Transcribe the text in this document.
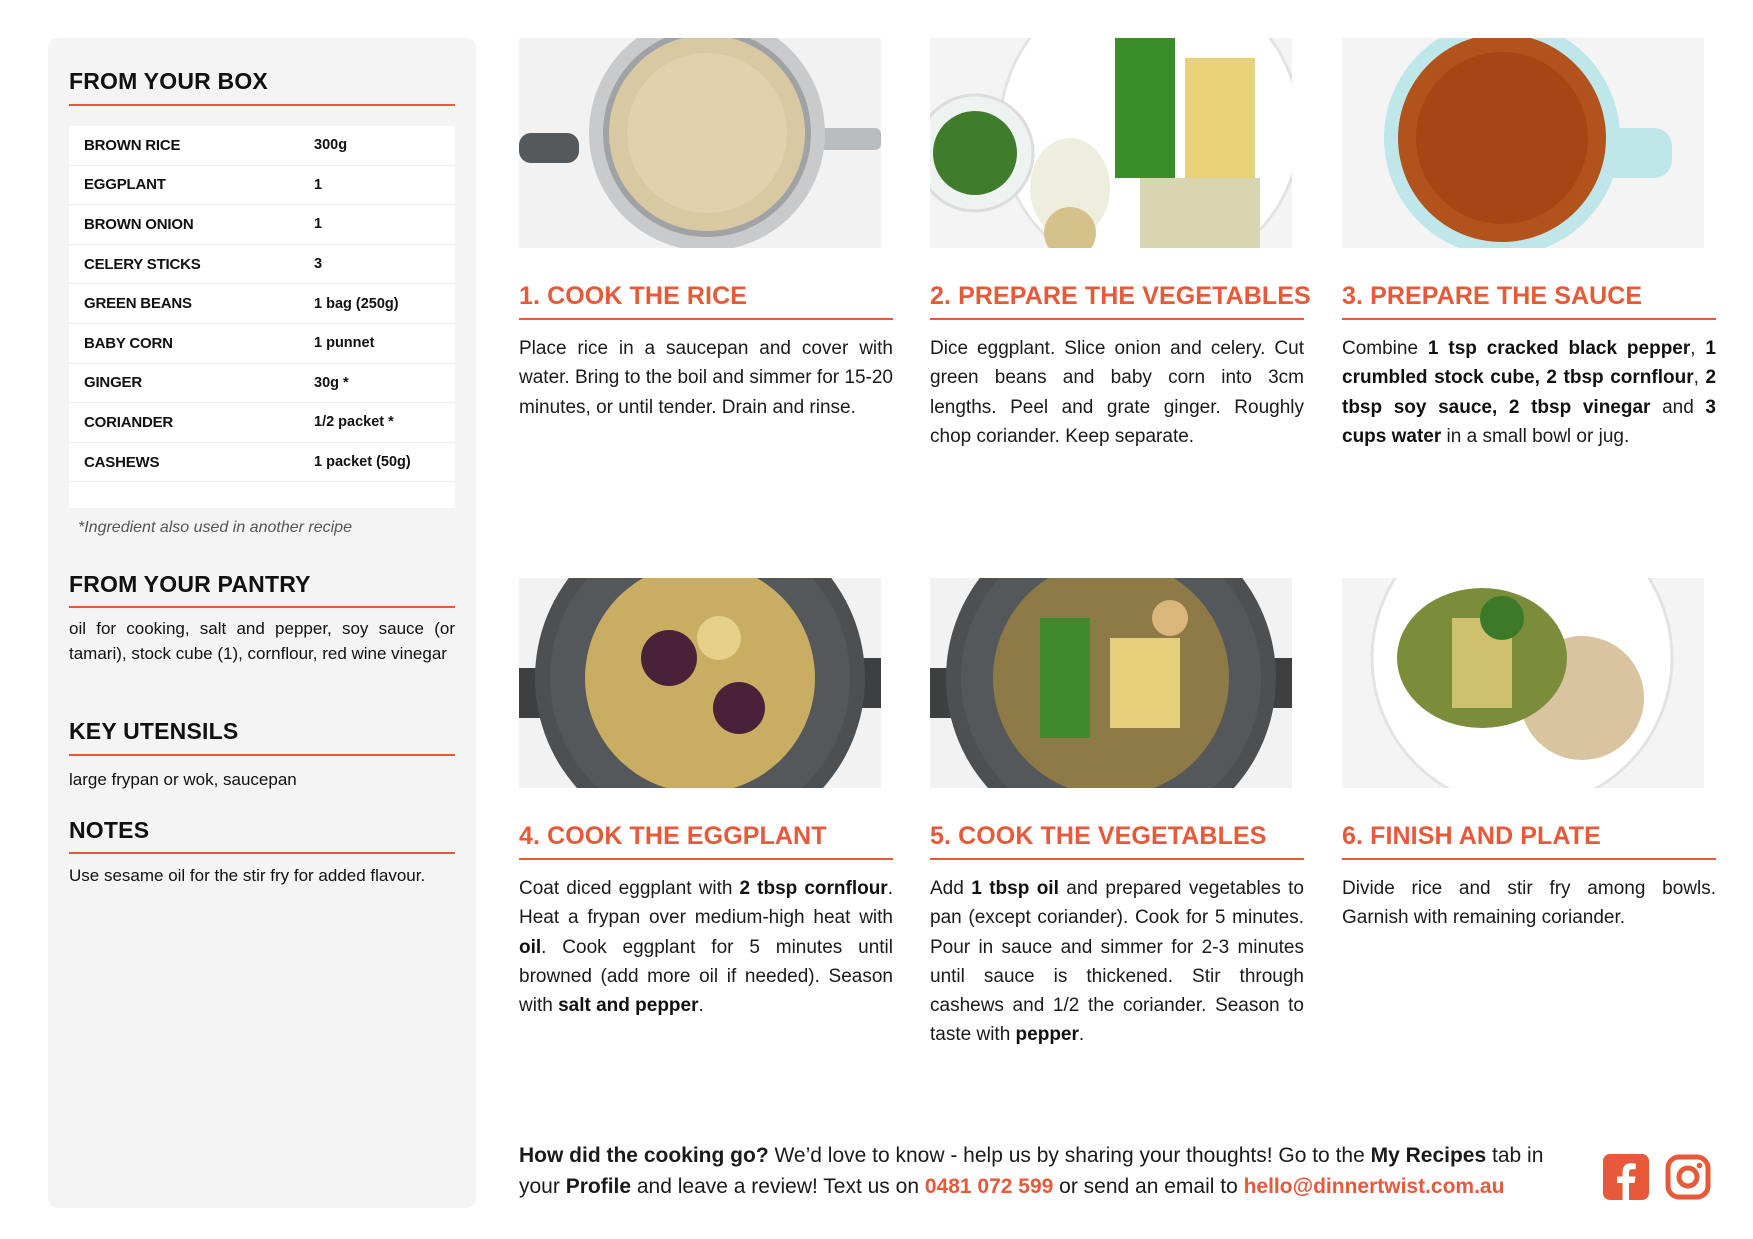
FROM YOUR BOX
BROWN RICE	300g
EGGPLANT	1
BROWN ONION	1
CELERY STICKS	3
GREEN BEANS	1 bag (250g)
BABY CORN	1 punnet
GINGER	30g *
CORIANDER	1/2 packet *
CASHEWS	1 packet (50g)
*Ingredient also used in another recipe
FROM YOUR PANTRY
oil for cooking, salt and pepper, soy sauce (or tamari), stock cube (1), cornflour, red wine vinegar
KEY UTENSILS
large frypan or wok, saucepan
NOTES
Use sesame oil for the stir fry for added flavour.
1. COOK THE RICE
Place rice in a saucepan and cover with water. Bring to the boil and simmer for 15-20 minutes, or until tender. Drain and rinse.
2. PREPARE THE VEGETABLES
Dice eggplant. Slice onion and celery. Cut green beans and baby corn into 3cm lengths. Peel and grate ginger. Roughly chop coriander. Keep separate.
3. PREPARE THE SAUCE
Combine 1 tsp cracked black pepper, 1 crumbled stock cube, 2 tbsp cornflour, 2 tbsp soy sauce, 2 tbsp vinegar and 3 cups water in a small bowl or jug.
4. COOK THE EGGPLANT
Coat diced eggplant with 2 tbsp cornflour. Heat a frypan over medium-high heat with oil. Cook eggplant for 5 minutes until browned (add more oil if needed). Season with salt and pepper.
5. COOK THE VEGETABLES
Add 1 tbsp oil and prepared vegetables to pan (except coriander). Cook for 5 minutes. Pour in sauce and simmer for 2-3 minutes until sauce is thickened. Stir through cashews and 1/2 the coriander. Season to taste with pepper.
6. FINISH AND PLATE
Divide rice and stir fry among bowls. Garnish with remaining coriander.
How did the cooking go? We’d love to know - help us by sharing your thoughts! Go to the My Recipes tab in your Profile and leave a review! Text us on 0481 072 599 or send an email to hello@dinnertwist.com.au
